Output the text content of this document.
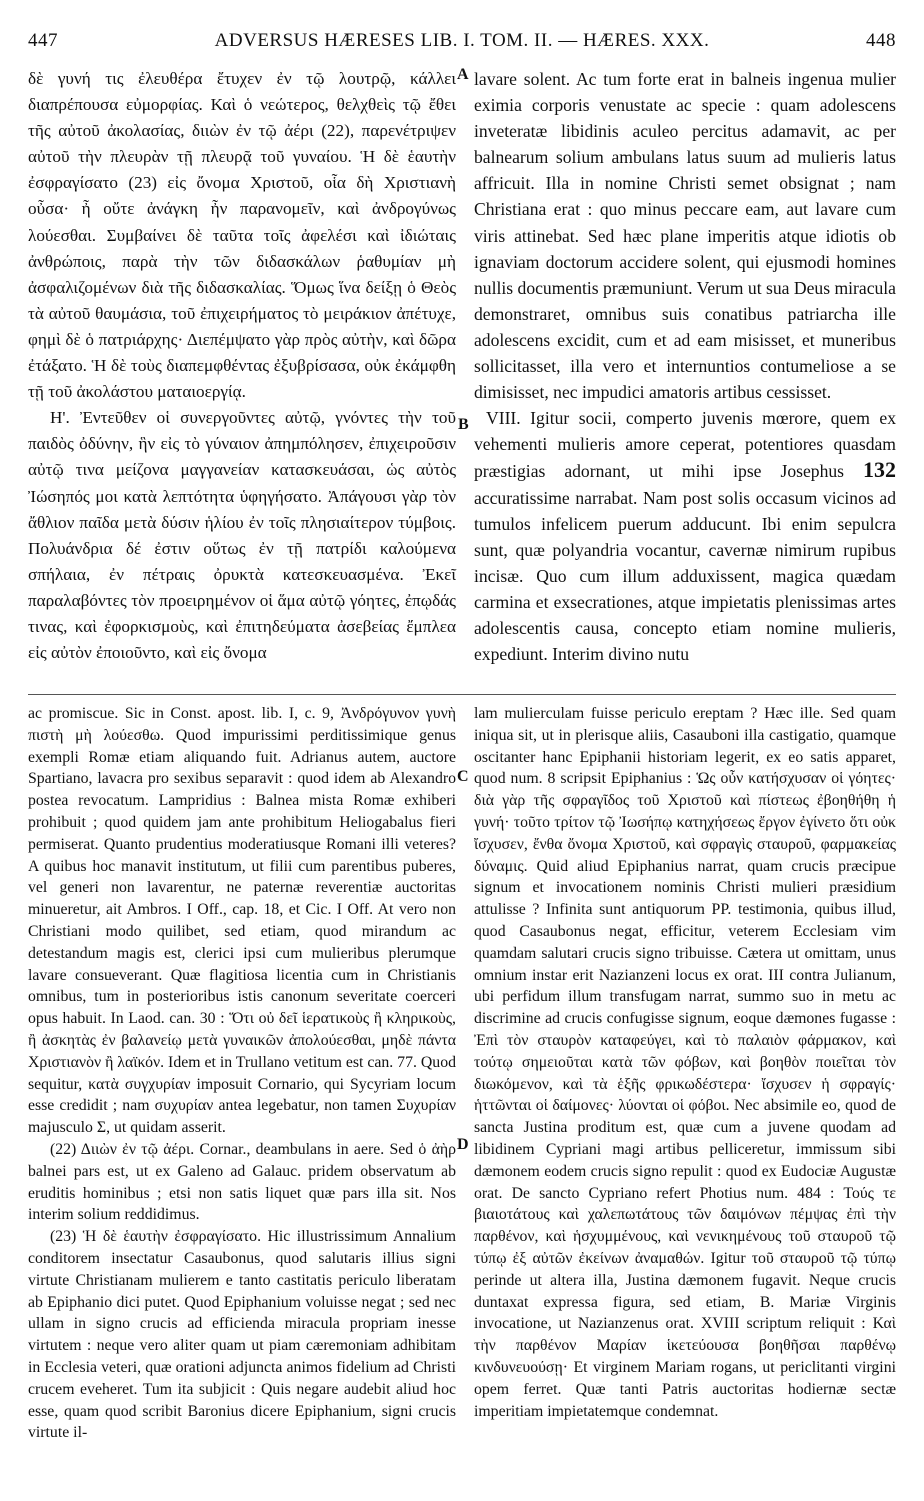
447	ADVERSUS HÆRESES LIB. I. TOM. II. — HÆRES. XXX.	448

δὲ γυνή τις ἐλευθέρα ἔτυχεν ἐν τῷ λουτρῷ, κάλλει διαπρέπουσα εὐμορφίας. Καὶ ὁ νεώτερος, θελχθεὶς τῷ ἔθει τῆς αὐτοῦ ἀκολασίας, διιὼν ἐν τῷ ἀέρι (22), παρενέτριψεν αὐτοῦ τὴν πλευρὰν τῇ πλευρᾷ τοῦ γυναίου. Ἡ δὲ ἑαυτὴν ἐσφραγίσατο (23) εἰς ὄνομα Χριστοῦ, οἷα δὴ Χριστιανὴ οὖσα· ἦ οὔτε ἀνάγκη ἦν παρανομεῖν, καὶ ἀνδρογύνως λούεσθαι. Συμβαίνει δὲ ταῦτα τοῖς ἀφελέσι καὶ ἰδιώταις ἀνθρώποις, παρὰ τὴν τῶν διδασκάλων ῥαθυμίαν μὴ ἀσφαλιζομένων διὰ τῆς διδασκαλίας. Ὅμως ἵνα δείξῃ ὁ Θεὸς τὰ αὐτοῦ θαυμάσια, τοῦ ἐπιχειρήματος τὸ μειράκιον ἀπέτυχε, φημὶ δὲ ὁ πατριάρχης· Διεπέμψατο γὰρ πρὸς αὐτὴν, καὶ δῶρα ἐτάξατο. Ἡ δὲ τοὺς διαπεμφθέντας ἐξυβρίσασα, οὐκ ἐκάμφθη τῇ τοῦ ἀκολάστου ματαιοεργίᾳ.

Η'. Ἐντεῦθεν οἱ συνεργοῦντες αὐτῷ, γνόντες τὴν τοῦ παιδὸς ὀδύνην, ἣν εἰς τὸ γύναιον ἀπημπόλησεν, ἐπιχειροῦσιν αὐτῷ τινα μείζονα μαγγανείαν κατασκευάσαι, ὡς αὐτὸς Ἰώσηπός μοι κατὰ λεπτότητα ὑφηγήσατο. Ἀπάγουσι γὰρ τὸν ἄθλιον παῖδα μετὰ δύσιν ἡλίου ἐν τοῖς πλησιαίτερον τύμβοις. Πολυάνδρια δέ ἐστιν οὕτως ἐν τῇ πατρίδι καλούμενα σπήλαια, ἐν πέτραις ὀρυκτὰ κατεσκευασμένα. Ἐκεῖ παραλαβόντες τὸν προειρημένον οἱ ἅμα αὐτῷ γόητες, ἐπῳδάς τινας, καὶ ἐφορκισμοὺς, καὶ ἐπιτηδεύματα ἀσεβείας ἔμπλεα εἰς αὐτὸν ἐποιοῦντο, καὶ εἰς ὄνομα

A
B

lavare solent. Ac tum forte erat in balneis ingenua mulier eximia corporis venustate ac specie : quam adolescens inveteratæ libidinis aculeo percitus adamavit, ac per balnearum solium ambulans latus suum ad mulieris latus affricuit. Illa in nomine Christi semet obsignat ; nam Christiana erat : quo minus peccare eam, aut lavare cum viris attinebat. Sed hæc plane imperitis atque idiotis ob ignaviam doctorum accidere solent, qui ejusmodi homines nullis documentis præmuniunt. Verum ut sua Deus miracula demonstraret, omnibus suis conatibus patriarcha ille adolescens excidit, cum et ad eam misisset, et muneribus sollicitasset, illa vero et internuntios contumeliose a se dimisisset, nec impudici amatoris artibus cessisset.

VIII. Igitur socii, comperto juvenis mœrore, quem ex vehementi mulieris amore ceperat, potentiores quasdam præstigias adornant, ut mihi ipse Josephus 132 accuratissime narrabat. Nam post solis occasum vicinos ad tumulos infelicem puerum adducunt. Ibi enim sepulcra sunt, quæ polyandria vocantur, cavernæ nimirum rupibus incisæ. Quo cum illum adduxissent, magica quædam carmina et exsecrationes, atque impietatis plenissimas artes adolescentis causa, concepto etiam nomine mulieris, expediunt. Interim divino nutu

ac promiscue. Sic in Const. apost. lib. I, c. 9, Ἀνδρόγυνον γυνὴ πιστὴ μὴ λούεσθω. Quod impurissimi perditissimique genus exempli Romæ etiam aliquando fuit. Adrianus autem, auctore Spartiano, lavacra pro sexibus separavit : quod idem ab Alexandro postea revocatum. Lampridius : Balnea mista Romæ exhiberi prohibuit ; quod quidem jam ante prohibitum Heliogabalus fieri permiserat. Quanto prudentius moderatiusque Romani illi veteres? A quibus hoc manavit institutum, ut filii cum parentibus puberes, vel generi non lavarentur, ne paternæ reverentiæ auctoritas minueretur, ait Ambros. I Off., cap. 18, et Cic. I Off. At vero non Christiani modo quilibet, sed etiam, quod mirandum ac detestandum magis est, clerici ipsi cum mulieribus plerumque lavare consueverant. Quæ flagitiosa licentia cum in Christianis omnibus, tum in posterioribus istis canonum severitate coerceri opus habuit. In Laod. can. 30 : Ὅτι οὐ δεῖ ἱερατικοὺς ἢ κληρικοὺς, ἢ ἀσκητὰς ἐν βαλανείῳ μετὰ γυναικῶν ἀπολούεσθαι, μηδὲ πάντα Χριστιανὸν ἢ λαϊκόν. Idem et in Trullano vetitum est can. 77. Quod sequitur, κατὰ συγχυρίαν imposuit Cornario, qui Sycyriam locum esse credidit ; nam συχυρίαν antea legebatur, non tamen Συχυρίαν majusculo Σ, ut quidam asserit.

(22) Διιὼν ἐν τῷ ἀέρι. Cornar., deambulans in aere. Sed ὁ ἀὴρ balnei pars est, ut ex Galeno ad Galauc. pridem observatum ab eruditis hominibus ; etsi non satis liquet quæ pars illa sit. Nos interim solium reddidimus.

(23) Ἡ δὲ ἑαυτὴν ἐσφραγίσατο. Hic illustrissimum Annalium conditorem insectatur Casaubonus, quod salutaris illius signi virtute Christianam mulierem e tanto castitatis periculo liberatam ab Epiphanio dici putet. Quod Epiphanium voluisse negat ; sed nec ullam in signo crucis ad efficienda miracula propriam inesse virtutem : neque vero aliter quam ut piam cæremoniam adhibitam in Ecclesia veteri, quæ orationi adjuncta animos fidelium ad Christi crucem eveheret. Tum ita subjicit : Quis negare audebit aliud hoc esse, quam quod scribit Baronius dicere Epiphanium, signi crucis virtute il-

C
D

lam mulierculam fuisse periculo ereptam ? Hæc ille. Sed quam iniqua sit, ut in plerisque aliis, Casauboni illa castigatio, quamque oscitanter hanc Epiphanii historiam legerit, ex eo satis apparet, quod num. 8 scripsit Epiphanius : Ὡς οὖν κατήσχυσαν οἱ γόητες· διὰ γὰρ τῆς σφραγῖδος τοῦ Χριστοῦ καὶ πίστεως ἐβοηθήθη ἡ γυνή· τοῦτο τρίτον τῷ Ἰωσήπῳ κατηχήσεως ἔργον ἐγίνετο ὅτι οὐκ ἴσχυσεν, ἔνθα ὄνομα Χριστοῦ, καὶ σφραγὶς σταυροῦ, φαρμακείας δύναμις. Quid aliud Epiphanius narrat, quam crucis præcipue signum et invocationem nominis Christi mulieri præsidium attulisse ? Infinita sunt antiquorum PP. testimonia, quibus illud, quod Casaubonus negat, efficitur, veterem Ecclesiam vim quamdam salutari crucis signo tribuisse. Cætera ut omittam, unus omnium instar erit Nazianzeni locus ex orat. III contra Julianum, ubi perfidum illum transfugam narrat, summo suo in metu ac discrimine ad crucis confugisse signum, eoque dæmones fugasse : Ἐπὶ τὸν σταυρὸν καταφεύγει, καὶ τὸ παλαιὸν φάρμακον, καὶ τούτῳ σημειοῦται κατὰ τῶν φόβων, καὶ βοηθὸν ποιεῖται τὸν διωκόμενον, καὶ τὰ ἑξῆς φρικωδέστερα· ἴσχυσεν ἡ σφραγίς· ἡττῶνται οἱ δαίμονες· λύονται οἱ φόβοι. Nec absimile eo, quod de sancta Justina proditum est, quæ cum a juvene quodam ad libidinem Cypriani magi artibus pelliceretur, immissum sibi dæmonem eodem crucis signo repulit : quod ex Eudociæ Augustæ orat. De sancto Cypriano refert Photius num. 484 : Τούς τε βιαιοτάτους καὶ χαλεπωτάτους τῶν δαιμόνων πέμψας ἐπὶ τὴν παρθένον, καὶ ἡσχυμμένους, καὶ νενικημένους τοῦ σταυροῦ τῷ τύπῳ ἐξ αὐτῶν ἐκείνων ἀναμαθών. Igitur τοῦ σταυροῦ τῷ τύπῳ perinde ut altera illa, Justina dæmonem fugavit. Neque crucis duntaxat expressa figura, sed etiam, B. Mariæ Virginis invocatione, ut Nazianzenus orat. XVIII scriptum reliquit : Καὶ τὴν παρθένον Μαρίαν ἱκετεύουσα βοηθῆσαι παρθένῳ κινδυνευούσῃ· Et virginem Mariam rogans, ut periclitanti virgini opem ferret. Quæ tanti Patris auctoritas hodiernæ sectæ imperitiam impietatemque condemnat.
